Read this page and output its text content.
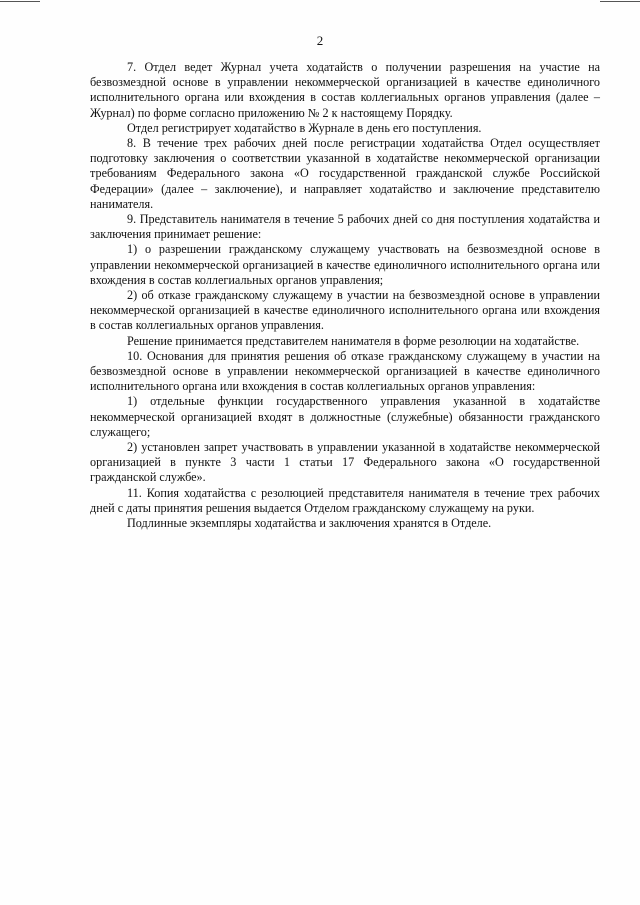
2

7. Отдел ведет Журнал учета ходатайств о получении разрешения на участие на безвозмездной основе в управлении некоммерческой организацией в качестве единоличного исполнительного органа или вхождения в состав коллегиальных органов управления (далее – Журнал) по форме согласно приложению № 2 к настоящему Порядку.

Отдел регистрирует ходатайство в Журнале в день его поступления.

8. В течение трех рабочих дней после регистрации ходатайства Отдел осуществляет подготовку заключения о соответствии указанной в ходатайстве некоммерческой организации требованиям Федерального закона «О государственной гражданской службе Российской Федерации» (далее – заключение), и направляет ходатайство и заключение представителю нанимателя.

9. Представитель нанимателя в течение 5 рабочих дней со дня поступления ходатайства и заключения принимает решение:

1) о разрешении гражданскому служащему участвовать на безвозмездной основе в управлении некоммерческой организацией в качестве единоличного исполнительного органа или вхождения в состав коллегиальных органов управления;

2) об отказе гражданскому служащему в участии на безвозмездной основе в управлении некоммерческой организацией в качестве единоличного исполнительного органа или вхождения в состав коллегиальных органов управления.

Решение принимается представителем нанимателя в форме резолюции на ходатайстве.

10. Основания для принятия решения об отказе гражданскому служащему в участии на безвозмездной основе в управлении некоммерческой организацией в качестве единоличного исполнительного органа или вхождения в состав коллегиальных органов управления:

1) отдельные функции государственного управления указанной в ходатайстве некоммерческой организацией входят в должностные (служебные) обязанности гражданского служащего;

2) установлен запрет участвовать в управлении указанной в ходатайстве некоммерческой организацией в пункте 3 части 1 статьи 17 Федерального закона «О государственной гражданской службе».

11. Копия ходатайства с резолюцией представителя нанимателя в течение трех рабочих дней с даты принятия решения выдается Отделом гражданскому служащему на руки.

Подлинные экземпляры ходатайства и заключения хранятся в Отделе.
